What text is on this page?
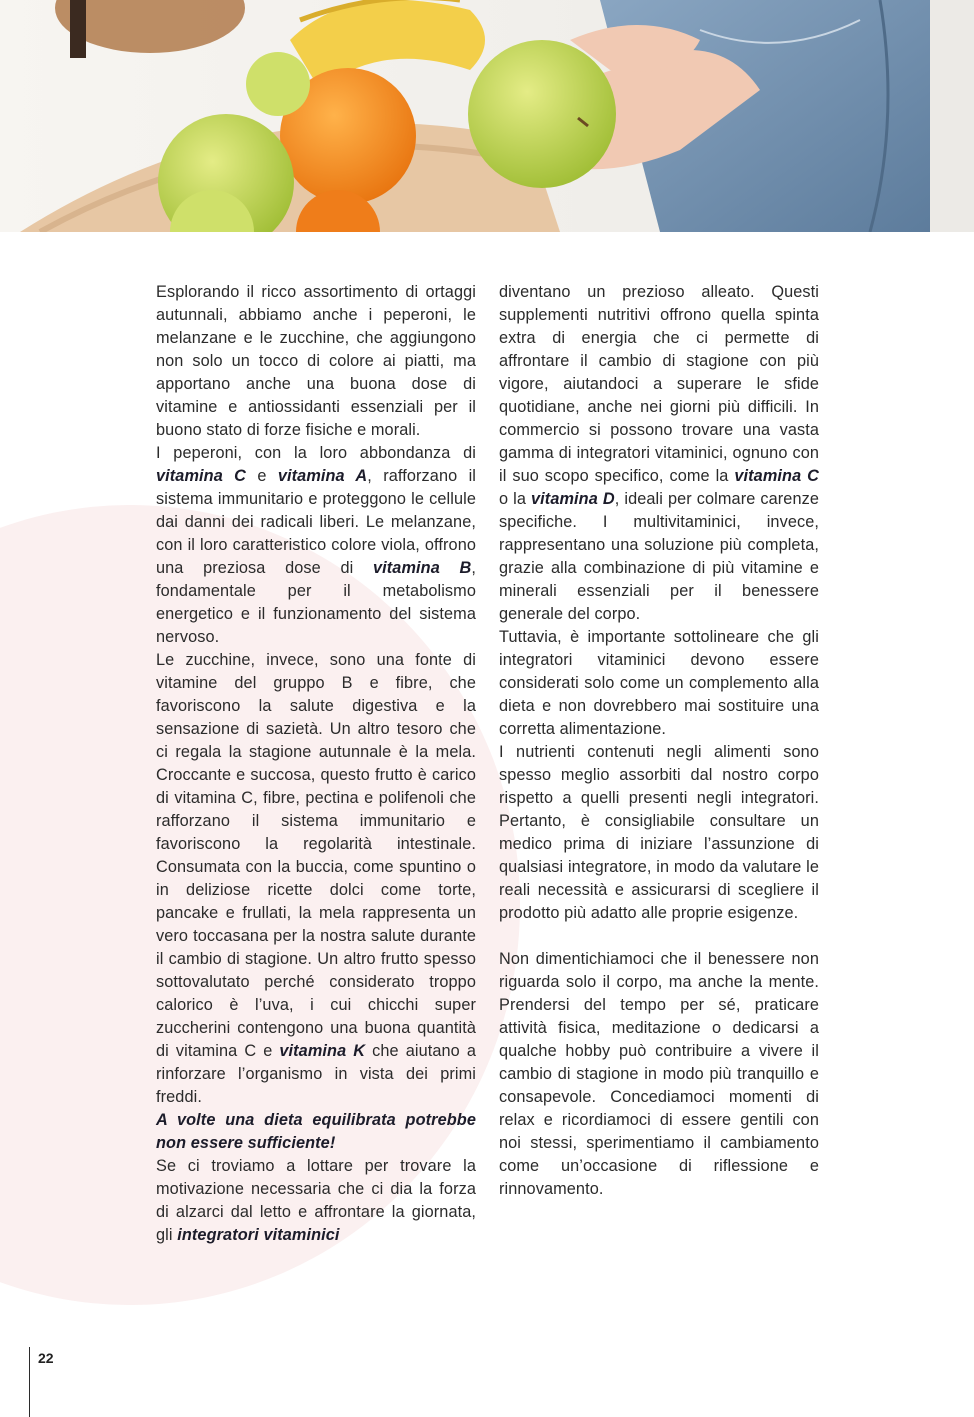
Esplorando il ricco assortimento di ortaggi autunnali, abbiamo anche i peperoni, le melanzane e le zucchine, che aggiungono non solo un tocco di colore ai piatti, ma apportano anche una buona dose di vitamine e antiossidanti essenziali per il buono stato di forze fisiche e morali.

I peperoni, con la loro abbondanza di vitamina C e vitamina A, rafforzano il sistema immunitario e proteggono le cellule dai danni dei radicali liberi. Le melanzane, con il loro caratteristico colore viola, offrono una preziosa dose di vitamina B, fondamentale per il metabolismo energetico e il funzionamento del sistema nervoso.

Le zucchine, invece, sono una fonte di vitamine del gruppo B e fibre, che favoriscono la salute digestiva e la sensazione di sazietà. Un altro tesoro che ci regala la stagione autunnale è la mela. Croccante e succosa, questo frutto è carico di vitamina C, fibre, pectina e polifenoli che rafforzano il sistema immunitario e favoriscono la regolarità intestinale. Consumata con la buccia, come spuntino o in deliziose ricette dolci come torte, pancake e frullati, la mela rappresenta un vero toccasana per la nostra salute durante il cambio di stagione. Un altro frutto spesso sottovalutato perché considerato troppo calorico è l’uva, i cui chicchi super zuccherini contengono una buona quantità di vitamina C e vitamina K che aiutano a rinforzare l’organismo in vista dei primi freddi.

A volte una dieta equilibrata potrebbe non essere sufficiente!

Se ci troviamo a lottare per trovare la motivazione necessaria che ci dia la forza di alzarci dal letto e affrontare la giornata, gli integratori vitaminici

diventano un prezioso alleato. Questi supplementi nutritivi offrono quella spinta extra di energia che ci permette di affrontare il cambio di stagione con più vigore, aiutandoci a superare le sfide quotidiane, anche nei giorni più difficili. In commercio si possono trovare una vasta gamma di integratori vitaminici, ognuno con il suo scopo specifico, come la vitamina C o la vitamina D, ideali per colmare carenze specifiche. I multivitaminici, invece, rappresentano una soluzione più completa, grazie alla combinazione di più vitamine e minerali essenziali per il benessere generale del corpo.

Tuttavia, è importante sottolineare che gli integratori vitaminici devono essere considerati solo come un complemento alla dieta e non dovrebbero mai sostituire una corretta alimentazione.

I nutrienti contenuti negli alimenti sono spesso meglio assorbiti dal nostro corpo rispetto a quelli presenti negli integratori. Pertanto, è consigliabile consultare un medico prima di iniziare l’assunzione di qualsiasi integratore, in modo da valutare le reali necessità e assicurarsi di scegliere il prodotto più adatto alle proprie esigenze.

Non dimentichiamoci che il benessere non riguarda solo il corpo, ma anche la mente. Prendersi del tempo per sé, praticare attività fisica, meditazione o dedicarsi a qualche hobby può contribuire a vivere il cambio di stagione in modo più tranquillo e consapevole. Concediamoci momenti di relax e ricordiamoci di essere gentili con noi stessi, sperimentiamo il cambiamento come un’occasione di riflessione e rinnovamento.

22
